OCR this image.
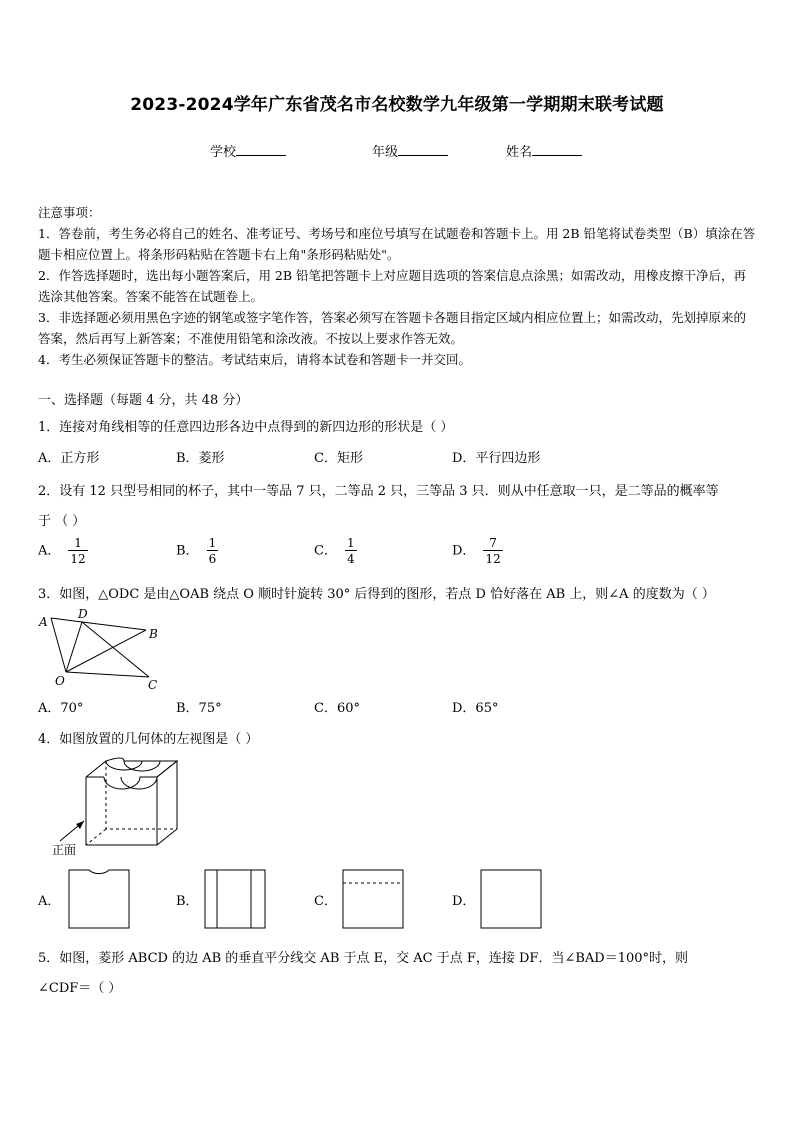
2023-2024学年广东省茂名市名校数学九年级第一学期期末联考试题
学校	年级	姓名

注意事项：

1．答卷前，考生务必将自己的姓名、准考证号、考场号和座位号填写在试题卷和答题卡上。用 2B 铅笔将试卷类型（B）填涂在答题卡相应位置上。将条形码粘贴在答题卡右上角"条形码粘贴处"。

2．作答选择题时，选出每小题答案后，用 2B 铅笔把答题卡上对应题目选项的答案信息点涂黑；如需改动，用橡皮擦干净后，再选涂其他答案。答案不能答在试题卷上。

3．非选择题必须用黑色字迹的钢笔或签字笔作答，答案必须写在答题卡各题目指定区域内相应位置上；如需改动，先划掉原来的答案，然后再写上新答案；不准使用铅笔和涂改液。不按以上要求作答无效。

4．考生必须保证答题卡的整洁。考试结束后，请将本试卷和答题卡一并交回。

一、选择题（每题 4 分，共 48 分）
1．连接对角线相等的任意四边形各边中点得到的新四边形的形状是（ ）
A．正方形	B．菱形	C．矩形	D．平行四边形
2．设有 12 只型号相同的杯子，其中一等品 7 只，二等品 2 只，三等品 3 只．则从中任意取一只，是二等品的概率等
于 （ ）
A． $\frac{1}{12}$	B． $\frac{1}{6}$	C． $\frac{1}{4}$	D． $\frac{7}{12}$
3．如图，△ODC 是由△OAB 绕点 O 顺时针旋转 30° 后得到的图形，若点 D 恰好落在 AB 上，则∠A 的度数为（ ）
A
D
B
O	C
A．70°	B．75°	C．60°	D．65°
4．如图放置的几何体的左视图是（ ）
正面
A．	B．	C．	D．
5．如图，菱形 ABCD 的边 AB 的垂直平分线交 AB 于点 E，交 AC 于点 F，连接 DF．当∠BAD＝100°时，则
∠CDF＝（ ）
